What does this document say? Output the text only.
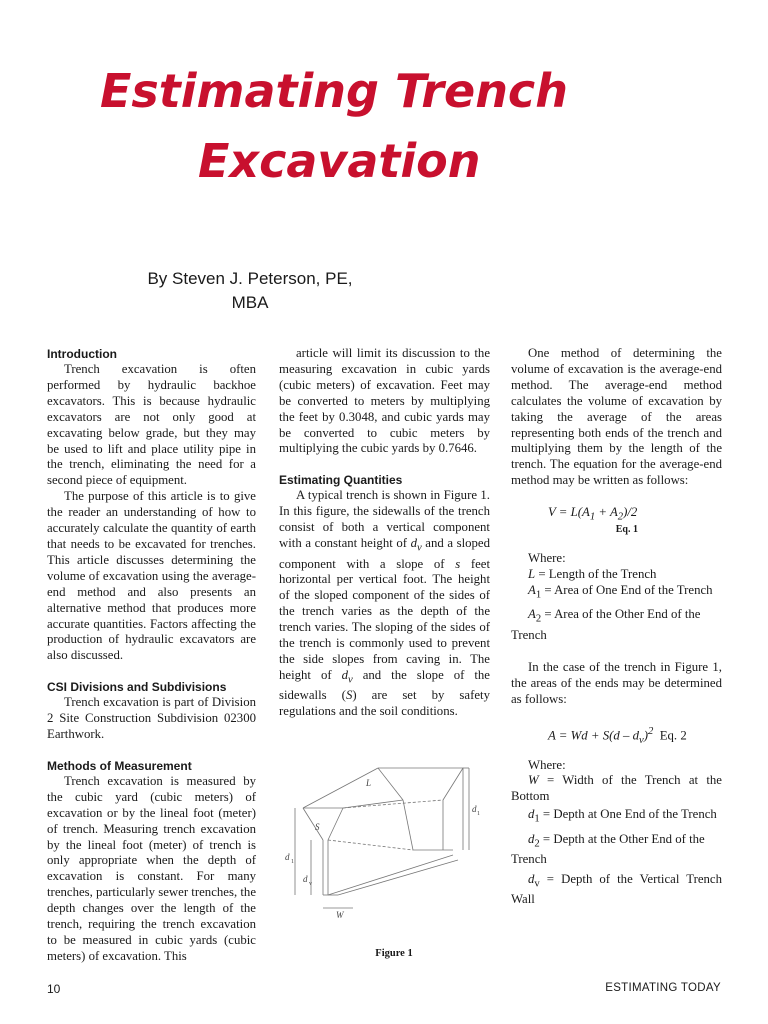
Estimating Trench
Excavation

By Steven J. Peterson, PE, MBA

Introduction

Trench excavation is often performed by hydraulic backhoe excavators. This is because hydraulic excavators are not only good at excavating below grade, but they may be used to lift and place utility pipe in the trench, eliminating the need for a second piece of equipment.

The purpose of this article is to give the reader an understanding of how to accurately calculate the quantity of earth that needs to be excavated for trenches. This article discusses determining the volume of excavation using the average-end method and also presents an alternative method that produces more accurate quantities. Factors affecting the production of hydraulic excavators are also discussed.

CSI Divisions and Subdivisions

Trench excavation is part of Division 2 Site Construction Subdivision 02300 Earthwork.

Methods of Measurement

Trench excavation is measured by the cubic yard (cubic meters) of excavation or by the lineal foot (meter) of trench. Measuring trench excavation by the lineal foot (meter) of trench is only appropriate when the depth of excavation is constant. For many trenches, particularly sewer trenches, the depth changes over the length of the trench, requiring the trench excavation to be measured in cubic yards (cubic meters) of excavation. This

article will limit its discussion to the measuring excavation in cubic yards (cubic meters) of excavation. Feet may be converted to meters by multiplying the feet by 0.3048, and cubic yards may be converted to cubic meters by multiplying the cubic yards by 0.7646.

Estimating Quantities

A typical trench is shown in Figure 1. In this figure, the sidewalls of the trench consist of both a vertical component with a constant height of $d_v$ and a sloped component with a slope of s feet horizontal per vertical foot. The height of the sloped component of the sides of the trench varies as the depth of the trench varies. The sloping of the sides of the trench is commonly used to prevent the side slopes from caving in. The height of $d_v$ and the slope of the sidewalls (S) are set by safety regulations and the soil conditions.

L
d 1
S
d v
W
d 1
Figure 1

One method of determining the volume of excavation is the average-end method. The average-end method calculates the volume of excavation by taking the average of the areas representing both ends of the trench and multiplying them by the length of the trench. The equation for the average-end method may be written as follows:

$V = L(A_1 + A_2)/2$

Eq. 1

Where:

L = Length of the Trench

$A_1$ = Area of One End of the Trench

$A_2$ = Area of the Other End of the Trench

In the case of the trench in Figure 1, the areas of the ends may be determined as follows:

$A = Wd + S(d - d_v)^2$ Eq. 2

Where:

W = Width of the Trench at the Bottom

$d_1$ = Depth at One End of the Trench

$d_2$ = Depth at the Other End of the Trench

$d_v$ = Depth of the Vertical Trench Wall

10	ESTIMATING TODAY
